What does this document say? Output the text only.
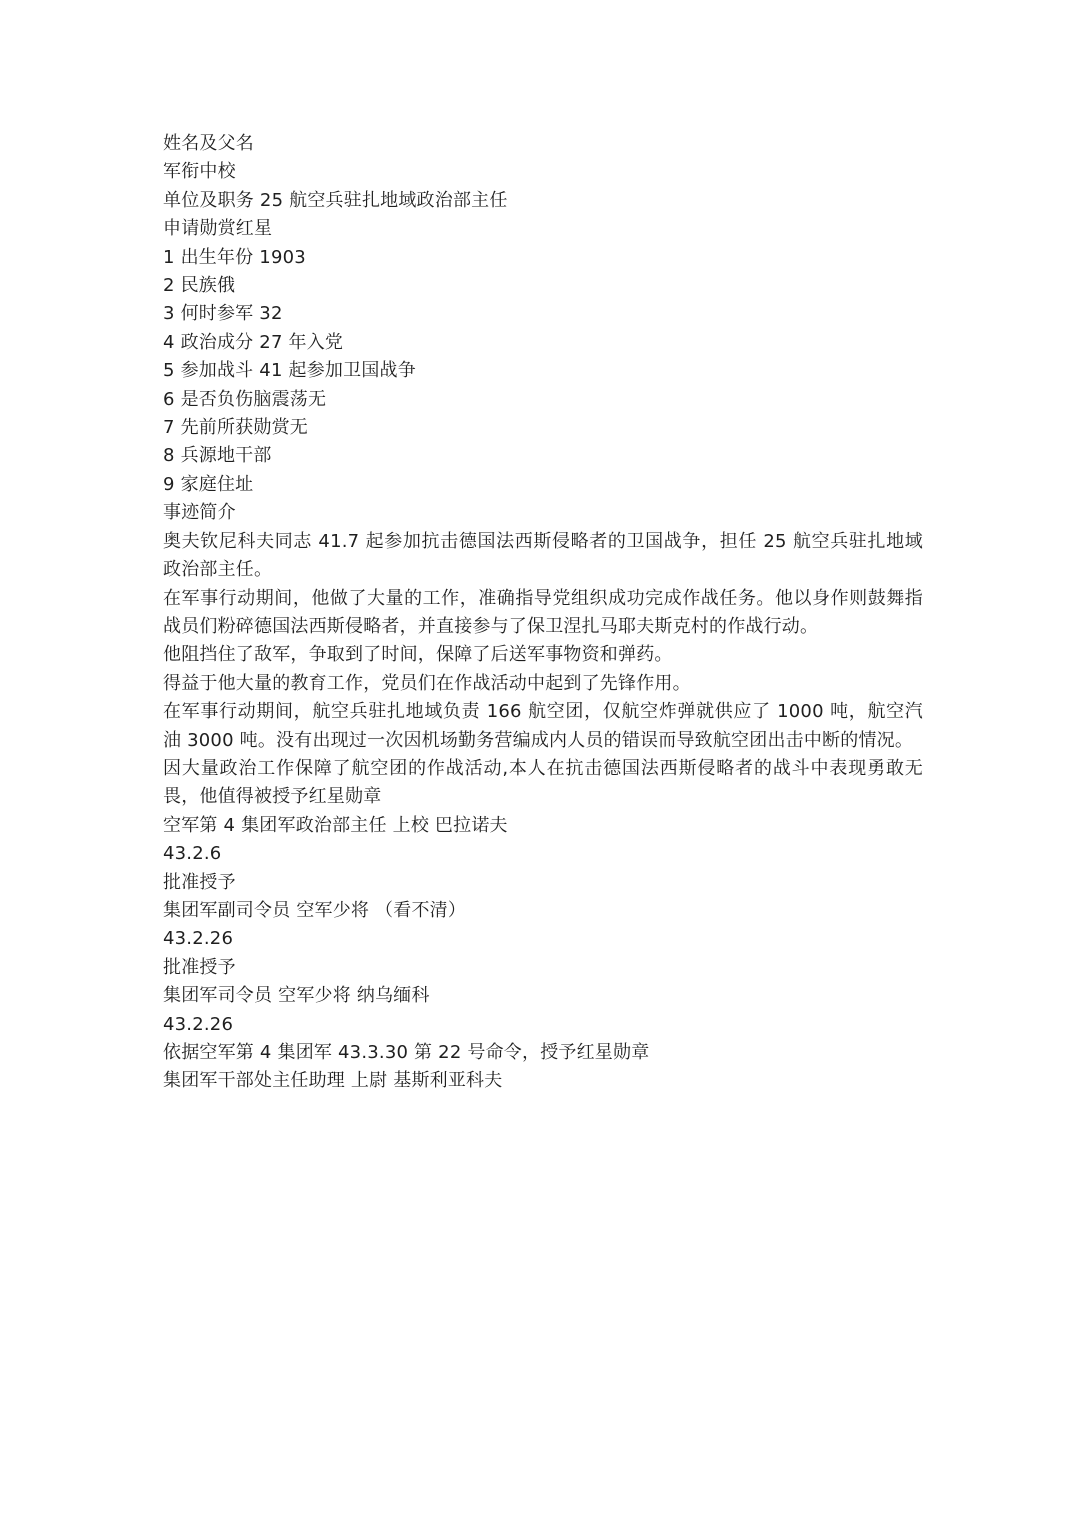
姓名及父名
军衔中校
单位及职务 25 航空兵驻扎地域政治部主任
申请勋赏红星
1 出生年份 1903
2 民族俄
3 何时参军 32
4 政治成分 27 年入党
5 参加战斗 41 起参加卫国战争
6 是否负伤脑震荡无
7 先前所获勋赏无
8 兵源地干部
9 家庭住址
事迹简介
奥夫钦尼科夫同志 41.7 起参加抗击德国法西斯侵略者的卫国战争，担任 25 航空兵驻扎地域政治部主任。
在军事行动期间，他做了大量的工作，准确指导党组织成功完成作战任务。他以身作则鼓舞指战员们粉碎德国法西斯侵略者，并直接参与了保卫涅扎马耶夫斯克村的作战行动。
他阻挡住了敌军，争取到了时间，保障了后送军事物资和弹药。
得益于他大量的教育工作，党员们在作战活动中起到了先锋作用。
在军事行动期间，航空兵驻扎地域负责 166 航空团，仅航空炸弹就供应了 1000 吨，航空汽油 3000 吨。没有出现过一次因机场勤务营编成内人员的错误而导致航空团出击中断的情况。
因大量政治工作保障了航空团的作战活动,本人在抗击德国法西斯侵略者的战斗中表现勇敢无畏，他值得被授予红星勋章
空军第 4 集团军政治部主任 上校 巴拉诺夫
43.2.6
批准授予
集团军副司令员 空军少将 （看不清）
43.2.26
批准授予
集团军司令员 空军少将 纳乌缅科
43.2.26
依据空军第 4 集团军 43.3.30 第 22 号命令，授予红星勋章
集团军干部处主任助理 上尉 基斯利亚科夫
